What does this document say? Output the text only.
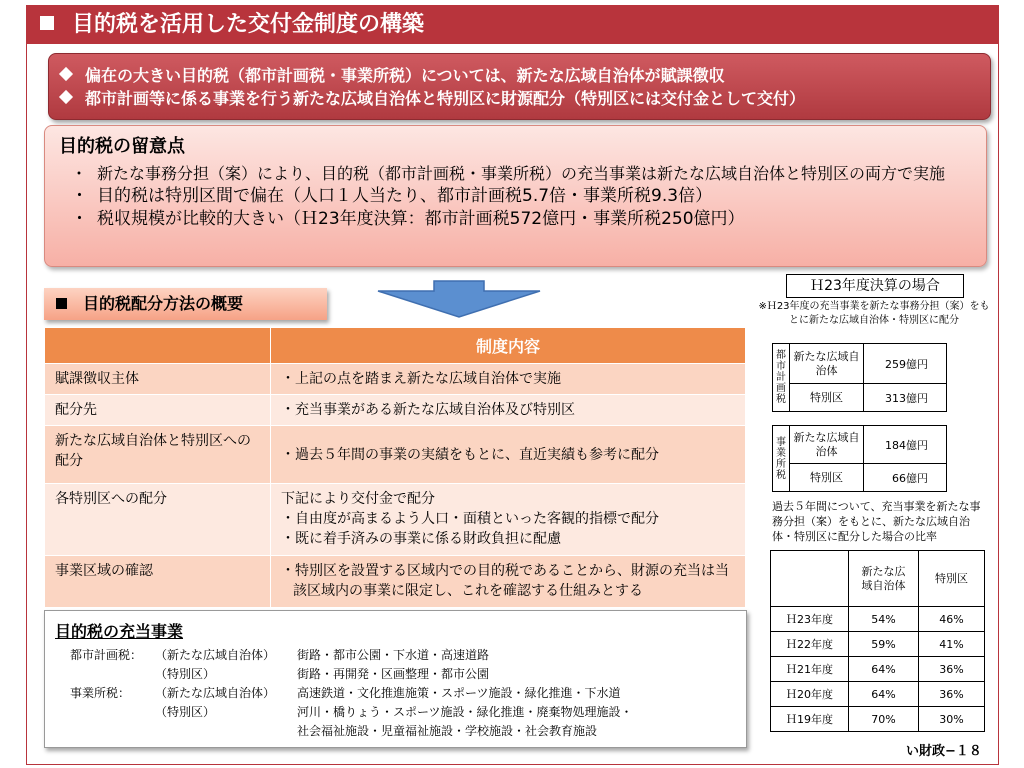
目的税を活用した交付金制度の構築
偏在の大きい目的税（都市計画税・事業所税）については、新たな広域自治体が賦課徴収
都市計画等に係る事業を行う新たな広域自治体と特別区に財源配分（特別区には交付金として交付）
目的税の留意点
・ 新たな事務分担（案）により、目的税（都市計画税・事業所税）の充当事業は新たな広域自治体と特別区の両方で実施
・ 目的税は特別区間で偏在（人口１人当たり、都市計画税5.7倍・事業所税9.3倍）
・ 税収規模が比較的大きい（Ｈ23年度決算：都市計画税572億円・事業所税250億円）
目的税配分方法の概要
	制度内容
賦課徴収主体	・上記の点を踏まえ新たな広域自治体で実施
配分先	・充当事業がある新たな広域自治体及び特別区
新たな広域自治体と特別区への配分	・過去５年間の事業の実績をもとに、直近実績も参考に配分
各特別区への配分	下記により交付金で配分
・自由度が高まるよう人口・面積といった客観的指標で配分
・既に着手済みの事業に係る財政負担に配慮
事業区域の確認	・特別区を設置する区域内での目的税であることから、財源の充当は当該区域内の事業に限定し、これを確認する仕組みとする
目的税の充当事業
都市計画税： （新たな広域自治体） 街路・都市公園・下水道・高速道路
（特別区）	街路・再開発・区画整理・都市公園
事業所税： （新たな広域自治体） 高速鉄道・文化推進施策・スポーツ施設・緑化推進・下水道
（特別区）	河川・橋りょう・スポーツ施設・緑化推進・廃棄物処理施設・
社会福祉施設・児童福祉施設・学校施設・社会教育施設
Ｈ23年度決算の場合
※Ｈ23年度の充当事業を新たな事務分担（案）をもとに新たな広域自治体・特別区に配分
都市計画税	新たな広域自治体	259億円
	特別区	313億円
事業所税	新たな広域自治体	184億円
	特別区	66億円
過去５年間について、充当事業を新たな事務分担（案）をもとに、新たな広域自治体・特別区に配分した場合の比率
	新たな広域自治体	特別区
Ｈ23年度	54%	46%
Ｈ22年度	59%	41%
Ｈ21年度	64%	36%
Ｈ20年度	64%	36%
Ｈ19年度	70%	30%
い財政−１８
